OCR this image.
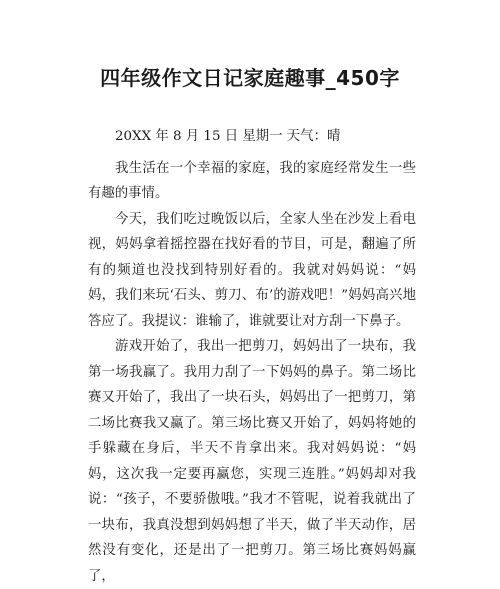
四年级作文日记家庭趣事_450字

20XX 年 8 月 15 日 星期一 天气：晴

我生活在一个幸福的家庭，我的家庭经常发生一些有趣的事情。

今天，我们吃过晚饭以后，全家人坐在沙发上看电视，妈妈拿着摇控器在找好看的节目，可是，翻遍了所有的频道也没找到特别好看的。我就对妈妈说：“妈妈，我们来玩‘石头、剪刀、布’的游戏吧！”妈妈高兴地答应了。我提议：谁输了，谁就要让对方刮一下鼻子。

游戏开始了，我出一把剪刀，妈妈出了一块布，我第一场我赢了。我用力刮了一下妈妈的鼻子。第二场比赛又开始了，我出了一块石头，妈妈出了一把剪刀，第二场比赛我又赢了。第三场比赛又开始了，妈妈将她的手躲藏在身后，半天不肯拿出来。我对妈妈说：“妈妈，这次我一定要再赢您，实现三连胜。”妈妈却对我说：“孩子，不要骄傲哦。”我才不管呢，说着我就出了一块布，我真没想到妈妈想了半天，做了半天动作，居然没有变化，还是出了一把剪刀。第三场比赛妈妈赢了，
